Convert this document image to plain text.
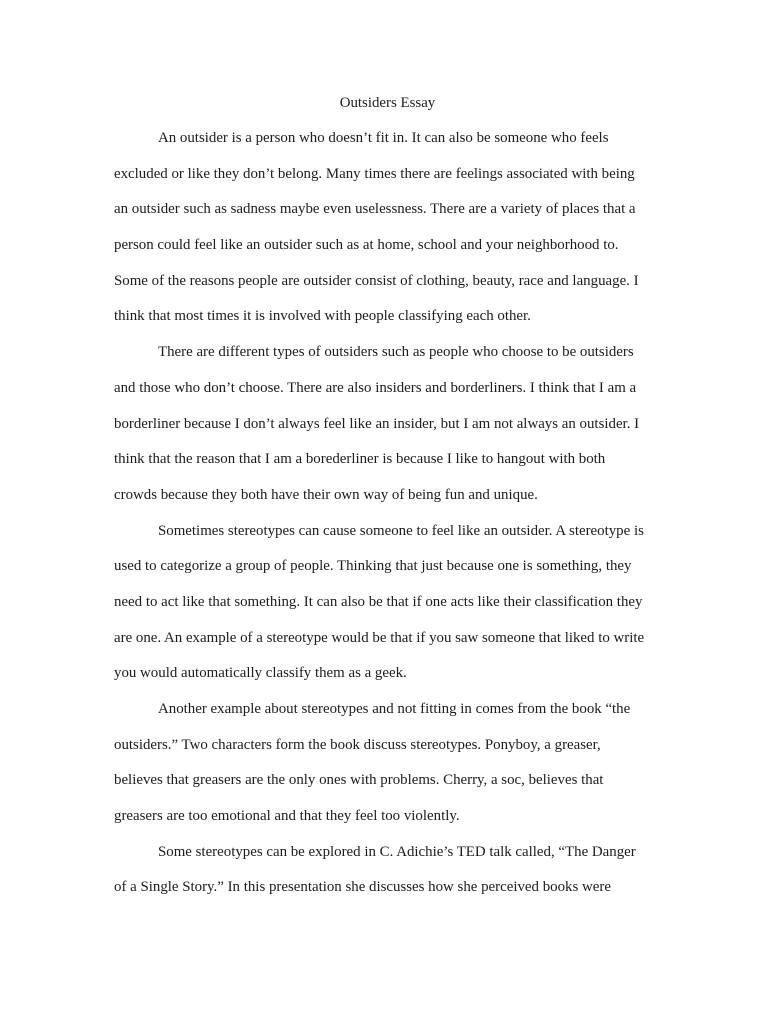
Outsiders Essay
An outsider is a person who doesn’t fit in. It can also be someone who feels
excluded or like they don’t belong. Many times there are feelings associated with being
an outsider such as sadness maybe even uselessness. There are a variety of places that a
person could feel like an outsider such as at home, school and your neighborhood to.
Some of the reasons people are outsider consist of clothing, beauty, race and language. I
think that most times it is involved with people classifying each other.
There are different types of outsiders such as people who choose to be outsiders
and those who don’t choose. There are also insiders and borderliners. I think that I am a
borderliner because I don’t always feel like an insider, but I am not always an outsider. I
think that the reason that I am a borederliner is because I like to hangout with both
crowds because they both have their own way of being fun and unique.
Sometimes stereotypes can cause someone to feel like an outsider. A stereotype is
used to categorize a group of people. Thinking that just because one is something, they
need to act like that something. It can also be that if one acts like their classification they
are one. An example of a stereotype would be that if you saw someone that liked to write
you would automatically classify them as a geek.
Another example about stereotypes and not fitting in comes from the book “the
outsiders.” Two characters form the book discuss stereotypes. Ponyboy, a greaser,
believes that greasers are the only ones with problems. Cherry, a soc, believes that
greasers are too emotional and that they feel too violently.
Some stereotypes can be explored in C. Adichie’s TED talk called, “The Danger
of a Single Story.” In this presentation she discusses how she perceived books were
